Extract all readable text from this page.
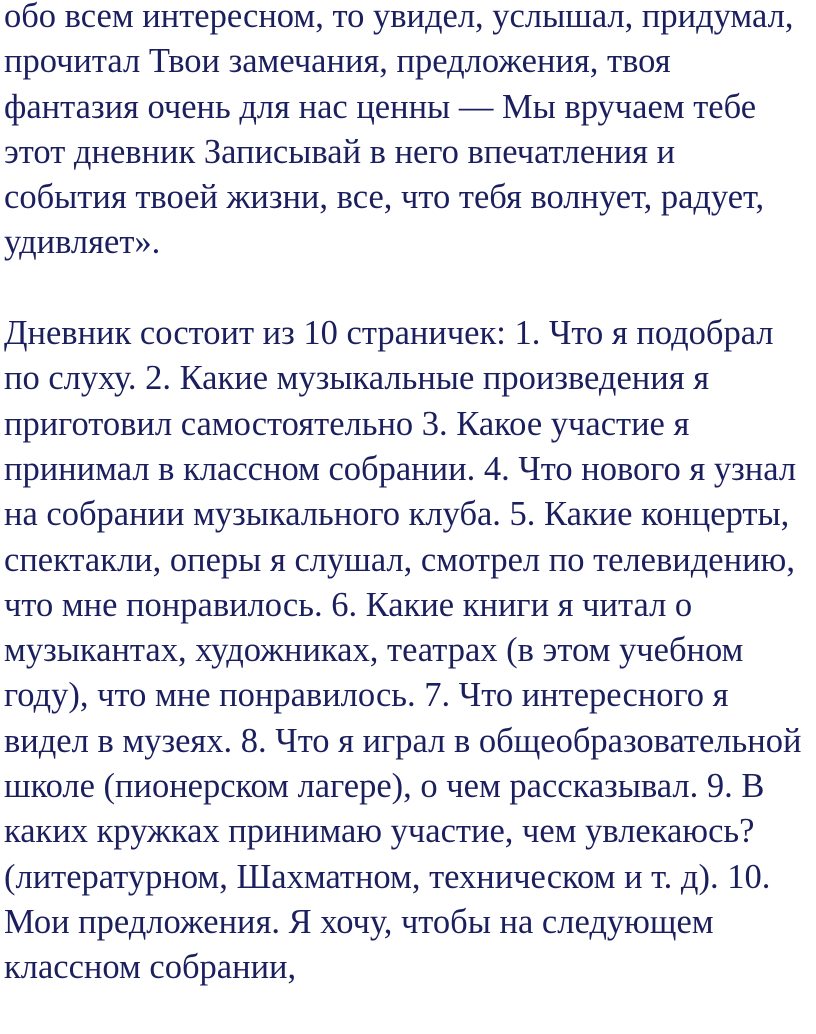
обо всем интересном, то увидел, услышал, придумал,
прочитал Твои замечания, предложения, твоя
фантазия очень для нас ценны — Мы вручаем тебе
этот дневник Записывай в него впечатления и
события твоей жизни, все, что тебя волнует, радует,
удивляет».

Дневник состоит из 10 страничек: 1. Что я подобрал
по слуху. 2. Какие музыкальные произведения я
приготовил самостоятельно 3. Какое участие я
принимал в классном собрании. 4. Что нового я узнал
на собрании музыкального клуба. 5. Какие концерты,
спектакли, оперы я слушал, смотрел по телевидению,
что мне понравилось. 6. Какие книги я читал о
музыкантах, художниках, театрах (в этом учебном
году), что мне понравилось. 7. Что интересного я
видел в музеях. 8. Что я играл в общеобразовательной
школе (пионерском лагере), о чем рассказывал. 9. В
каких кружках принимаю участие, чем увлекаюсь?
(литературном, Шахматном, техническом и т. д). 10.
Мои предложения. Я хочу, чтобы на следующем
классном собрании,
